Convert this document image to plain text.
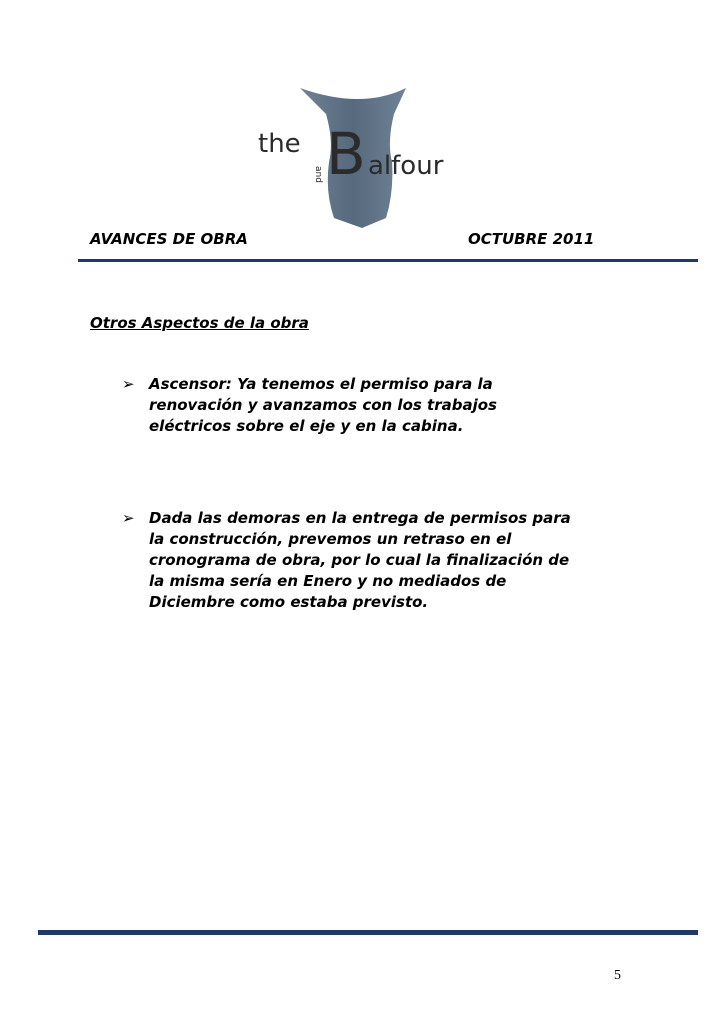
the
and B alfour
AVANCES DE OBRA	OCTUBRE 2011
Otros Aspectos de la obra
➢ Ascensor: Ya tenemos el permiso para la
renovación y avanzamos con los trabajos
eléctricos sobre el eje y en la cabina.
➢ Dada las demoras en la entrega de permisos para
la construcción, prevemos un retraso en el
cronograma de obra, por lo cual la finalización de
la misma sería en Enero y no mediados de
Diciembre como estaba previsto.
5
